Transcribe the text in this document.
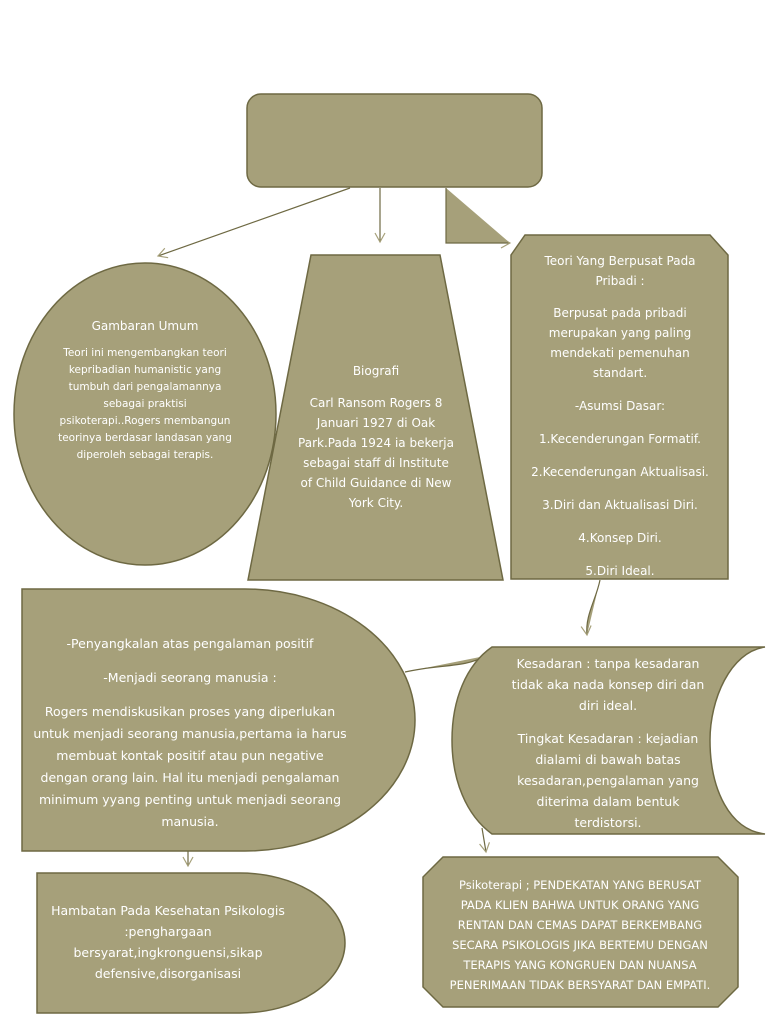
Gambaran Umum

Teori ini mengembangkan teori kepribadian humanistic yang tumbuh dari pengalamannya sebagai praktisi psikoterapi..Rogers membangun teorinya berdasar landasan yang diperoleh sebagai terapis.

Biografi

Carl Ransom Rogers 8 Januari 1927 di Oak Park.Pada 1924 ia bekerja sebagai staff di Institute of Child Guidance di New York City.

Teori Yang Berpusat Pada Pribadi :

Berpusat pada pribadi merupakan yang paling mendekati pemenuhan standart.

-Asumsi Dasar:

1.Kecenderungan Formatif.

2.Kecenderungan Aktualisasi.

3.Diri dan Aktualisasi Diri.

4.Konsep Diri.

5.Diri Ideal.

-Penyangkalan atas pengalaman positif

-Menjadi seorang manusia :

Rogers mendiskusikan proses yang diperlukan untuk menjadi seorang manusia,pertama ia harus membuat kontak positif atau pun negative dengan orang lain. Hal itu menjadi pengalaman minimum yyang penting untuk menjadi seorang manusia.

Kesadaran : tanpa kesadaran tidak aka nada konsep diri dan diri ideal.

Tingkat Kesadaran : kejadian dialami di bawah batas kesadaran,pengalaman yang diterima dalam bentuk terdistorsi.

Hambatan Pada Kesehatan Psikologis

:penghargaan

bersyarat,ingkronguensi,sikap defensive,disorganisasi

Psikoterapi ; PENDEKATAN YANG BERUSAT PADA KLIEN BAHWA UNTUK ORANG YANG RENTAN DAN CEMAS DAPAT BERKEMBANG SECARA PSIKOLOGIS JIKA BERTEMU DENGAN TERAPIS YANG KONGRUEN DAN NUANSA PENERIMAAN TIDAK BERSYARAT DAN EMPATI.
